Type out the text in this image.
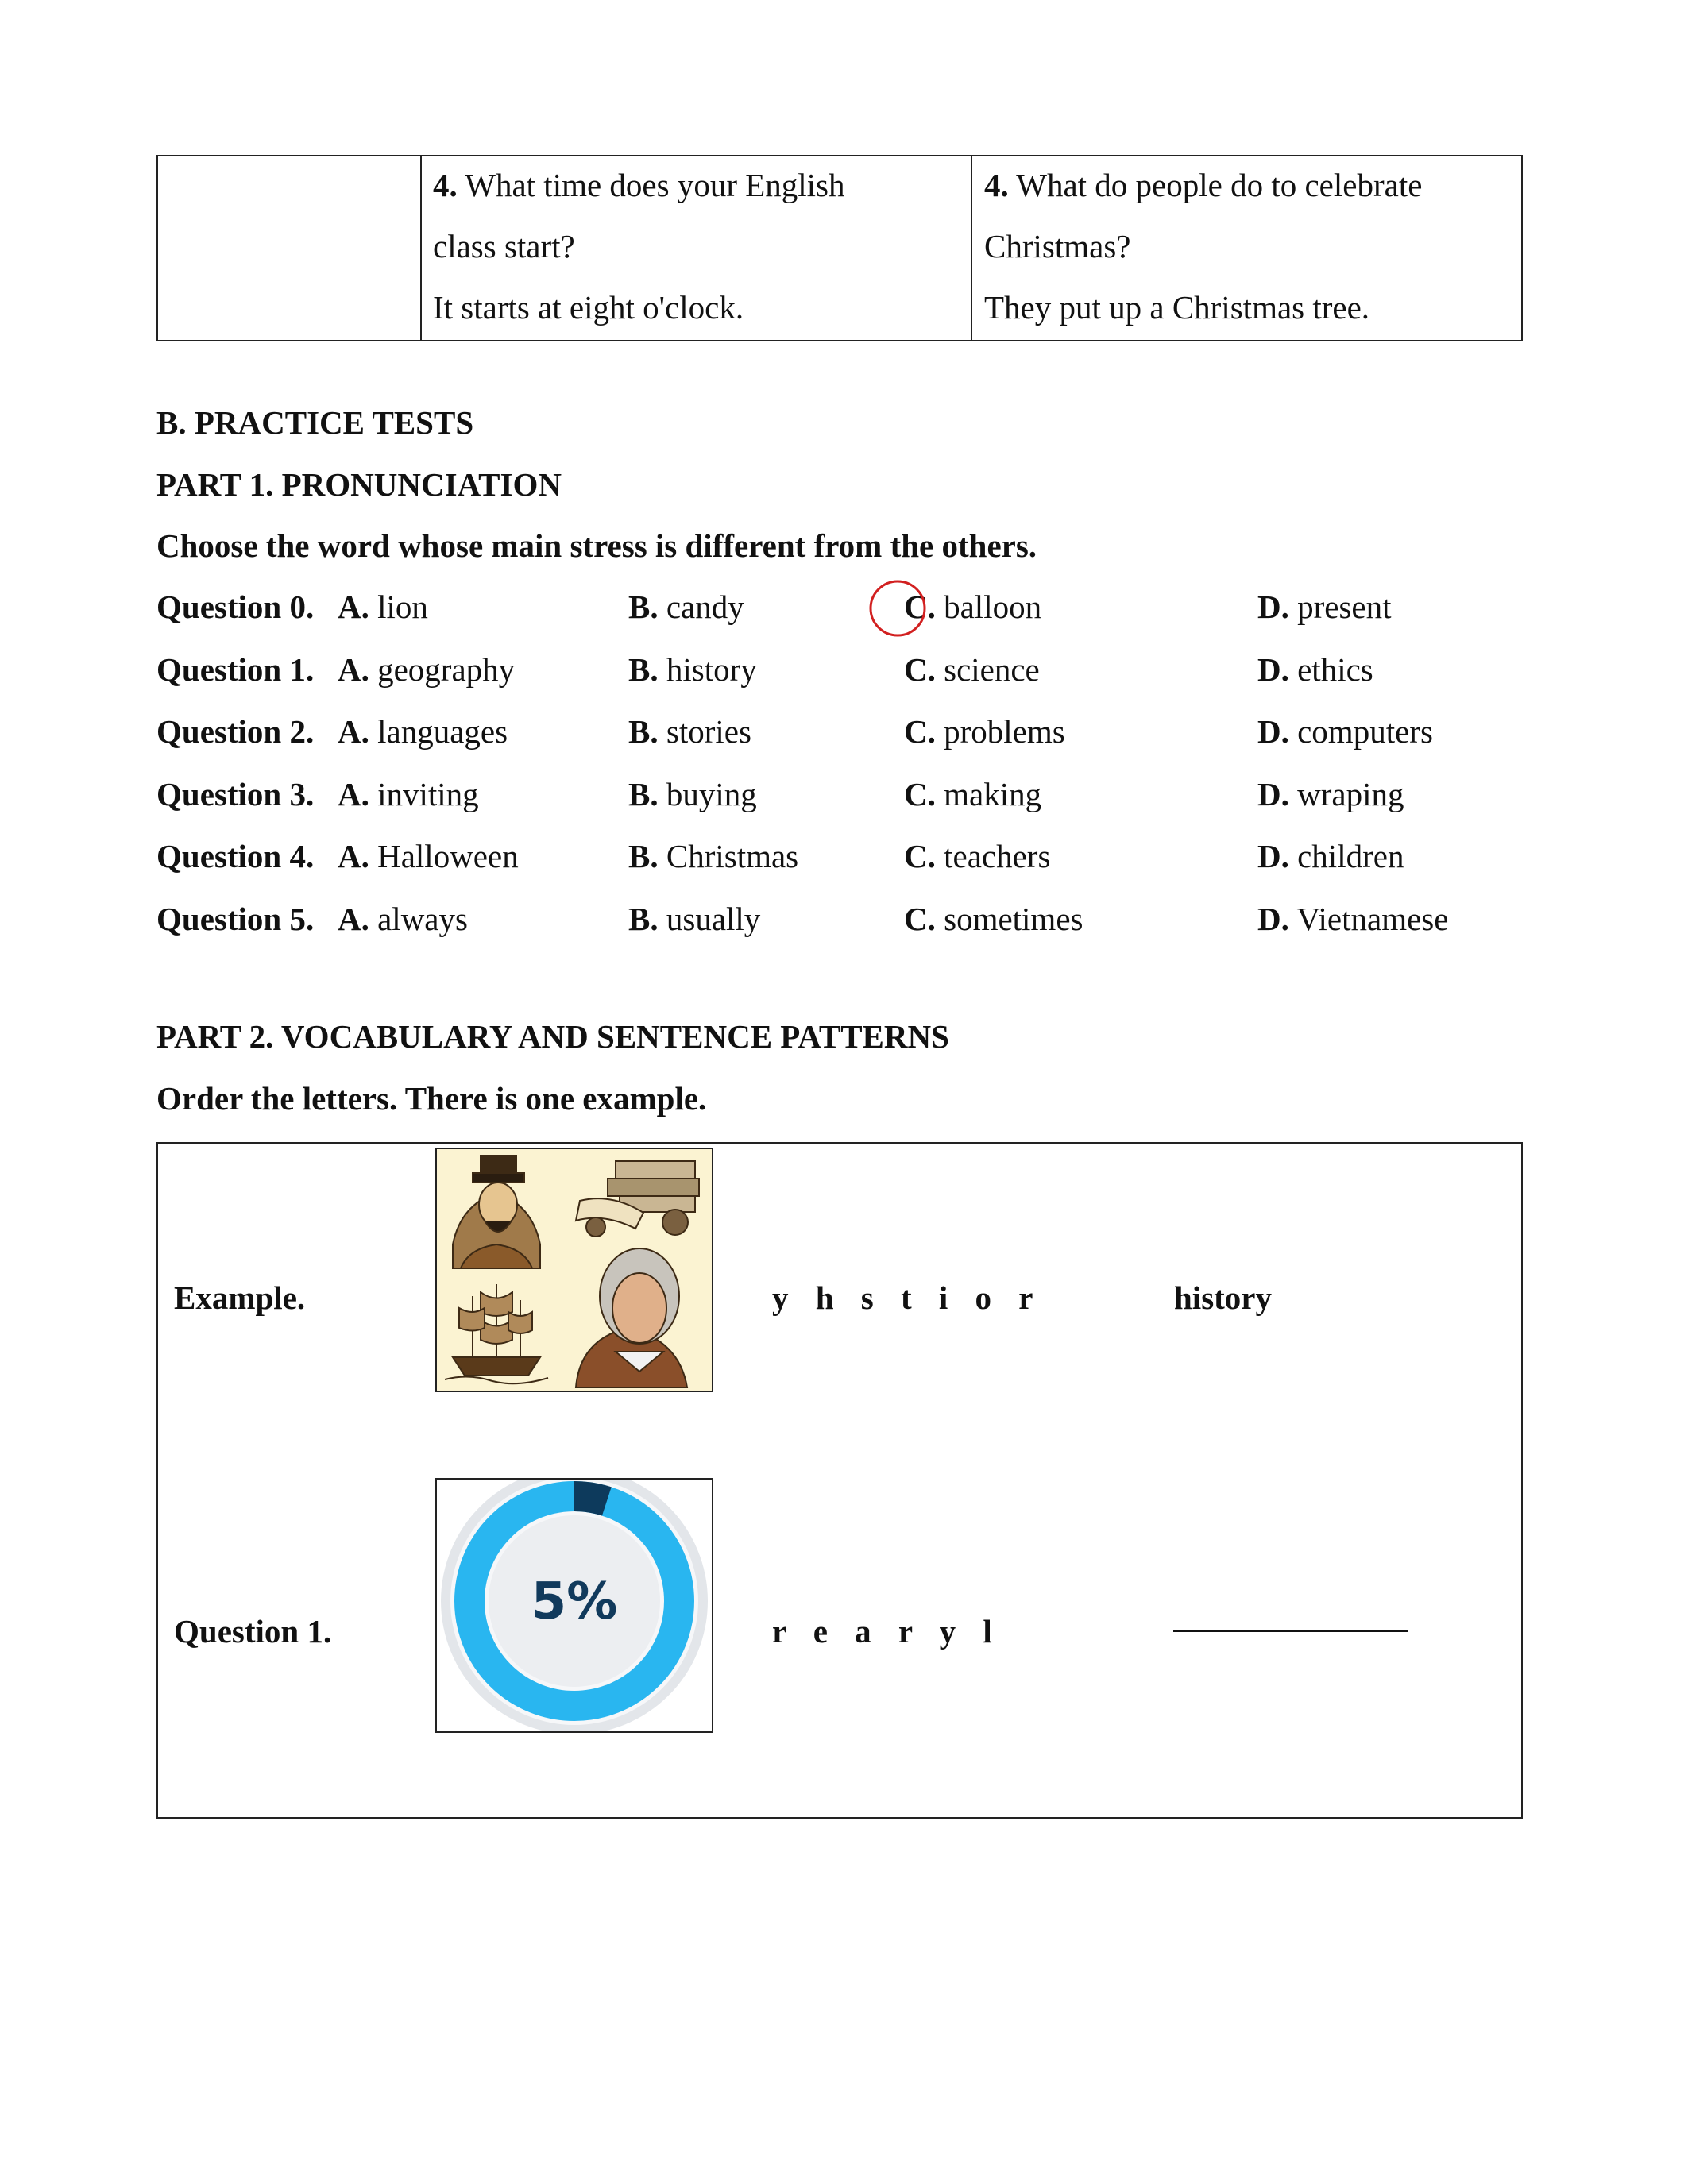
4. What time does your English
class start?
It starts at eight o'clock.
4. What do people do to celebrate
Christmas?
They put up a Christmas tree.
B. PRACTICE TESTS
PART 1. PRONUNCIATION
Choose the word whose main stress is different from the others.
Question 0. A. lion	B. candy	C. balloon	D. present
Question 1. A. geography	B. history	C. science	D. ethics
Question 2. A. languages	B. stories	C. problems	D. computers
Question 3. A. inviting	B. buying	C. making	D. wraping
Question 4. A. Halloween	B. Christmas	C. teachers	D. children
Question 5. A. always	B. usually	C. sometimes	D. Vietnamese
PART 2. VOCABULARY AND SENTENCE PATTERNS
Order the letters. There is one example.
Example.	y h s t i o r	history
Question 1.	5%	r e a r y l
